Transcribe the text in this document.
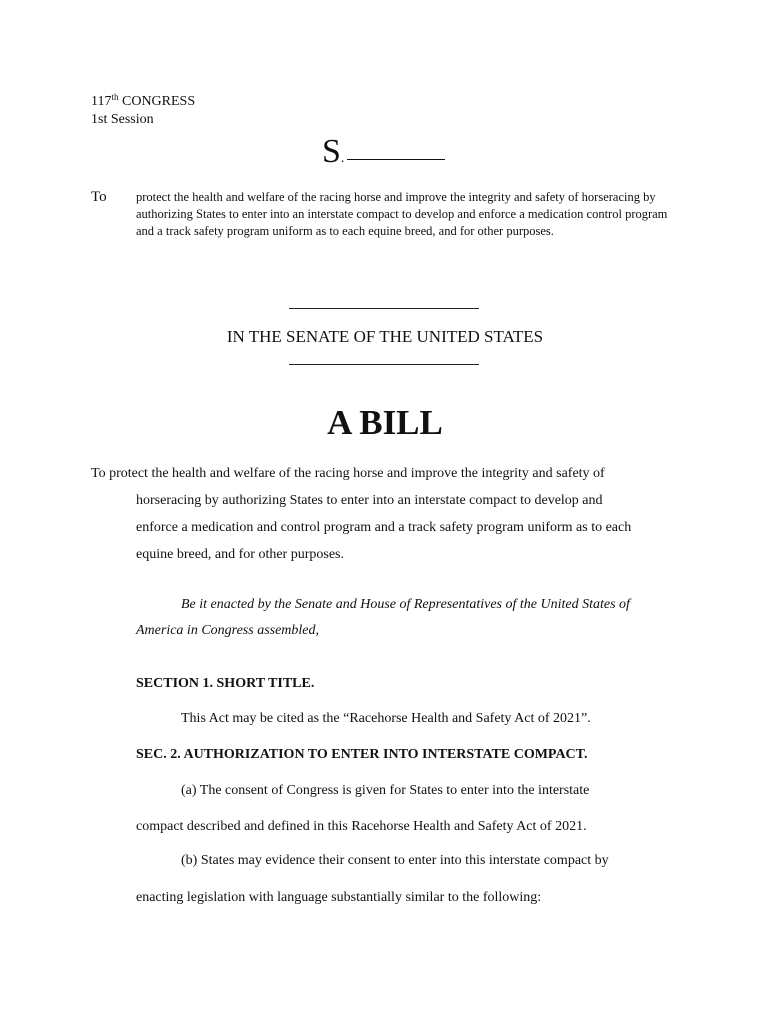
117th CONGRESS
1st Session
S.
To protect the health and welfare of the racing horse and improve the integrity and safety of horseracing by authorizing States to enter into an interstate compact to develop and enforce a medication control program and a track safety program uniform as to each equine breed, and for other purposes.
IN THE SENATE OF THE UNITED STATES
A BILL
To protect the health and welfare of the racing horse and improve the integrity and safety of
horseracing by authorizing States to enter into an interstate compact to develop and
enforce a medication and control program and a track safety program uniform as to each
equine breed, and for other purposes.
Be it enacted by the Senate and House of Representatives of the United States of
America in Congress assembled,
SECTION 1. SHORT TITLE.
This Act may be cited as the “Racehorse Health and Safety Act of 2021”.
SEC. 2. AUTHORIZATION TO ENTER INTO INTERSTATE COMPACT.
(a) The consent of Congress is given for States to enter into the interstate
compact described and defined in this Racehorse Health and Safety Act of 2021.
(b) States may evidence their consent to enter into this interstate compact by
enacting legislation with language substantially similar to the following:
